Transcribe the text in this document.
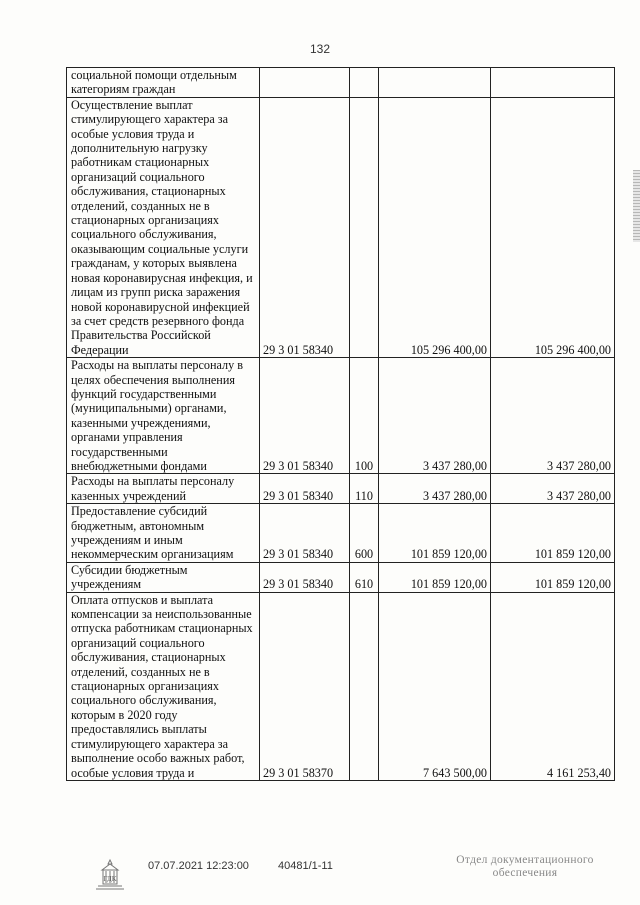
132
социальной помощи отдельным категориям граждан				
Осуществление выплат стимулирующего характера за особые условия труда и дополнительную нагрузку работникам стационарных организаций социального обслуживания, стационарных отделений, созданных не в стационарных организациях социального обслуживания, оказывающим социальные услуги гражданам, у которых выявлена новая коронавирусная инфекция, и лицам из групп риска заражения новой коронавирусной инфекцией за счет средств резервного фонда Правительства Российской Федерации	29 3 01 58340		105 296 400,00	105 296 400,00
Расходы на выплаты персоналу в целях обеспечения выполнения функций государственными (муниципальными) органами, казенными учреждениями, органами управления государственными внебюджетными фондами	29 3 01 58340	100	3 437 280,00	3 437 280,00
Расходы на выплаты персоналу казенных учреждений	29 3 01 58340	110	3 437 280,00	3 437 280,00
Предоставление субсидий бюджетным, автономным учреждениям и иным некоммерческим организациям	29 3 01 58340	600	101 859 120,00	101 859 120,00
Субсидии бюджетным учреждениям	29 3 01 58340	610	101 859 120,00	101 859 120,00
Оплата отпусков и выплата компенсации за неиспользованные отпуска работникам стационарных организаций социального обслуживания, стационарных отделений, созданных не в стационарных организациях социального обслуживания, которым в 2020 году предоставлялись выплаты стимулирующего характера за выполнение особо важных работ, особые условия труда и	29 3 01 58370		7 643 500,00	4 161 253,40
ГДК
07.07.2021 12:23:00	40481/1-11	Отдел документационного
обеспечения
